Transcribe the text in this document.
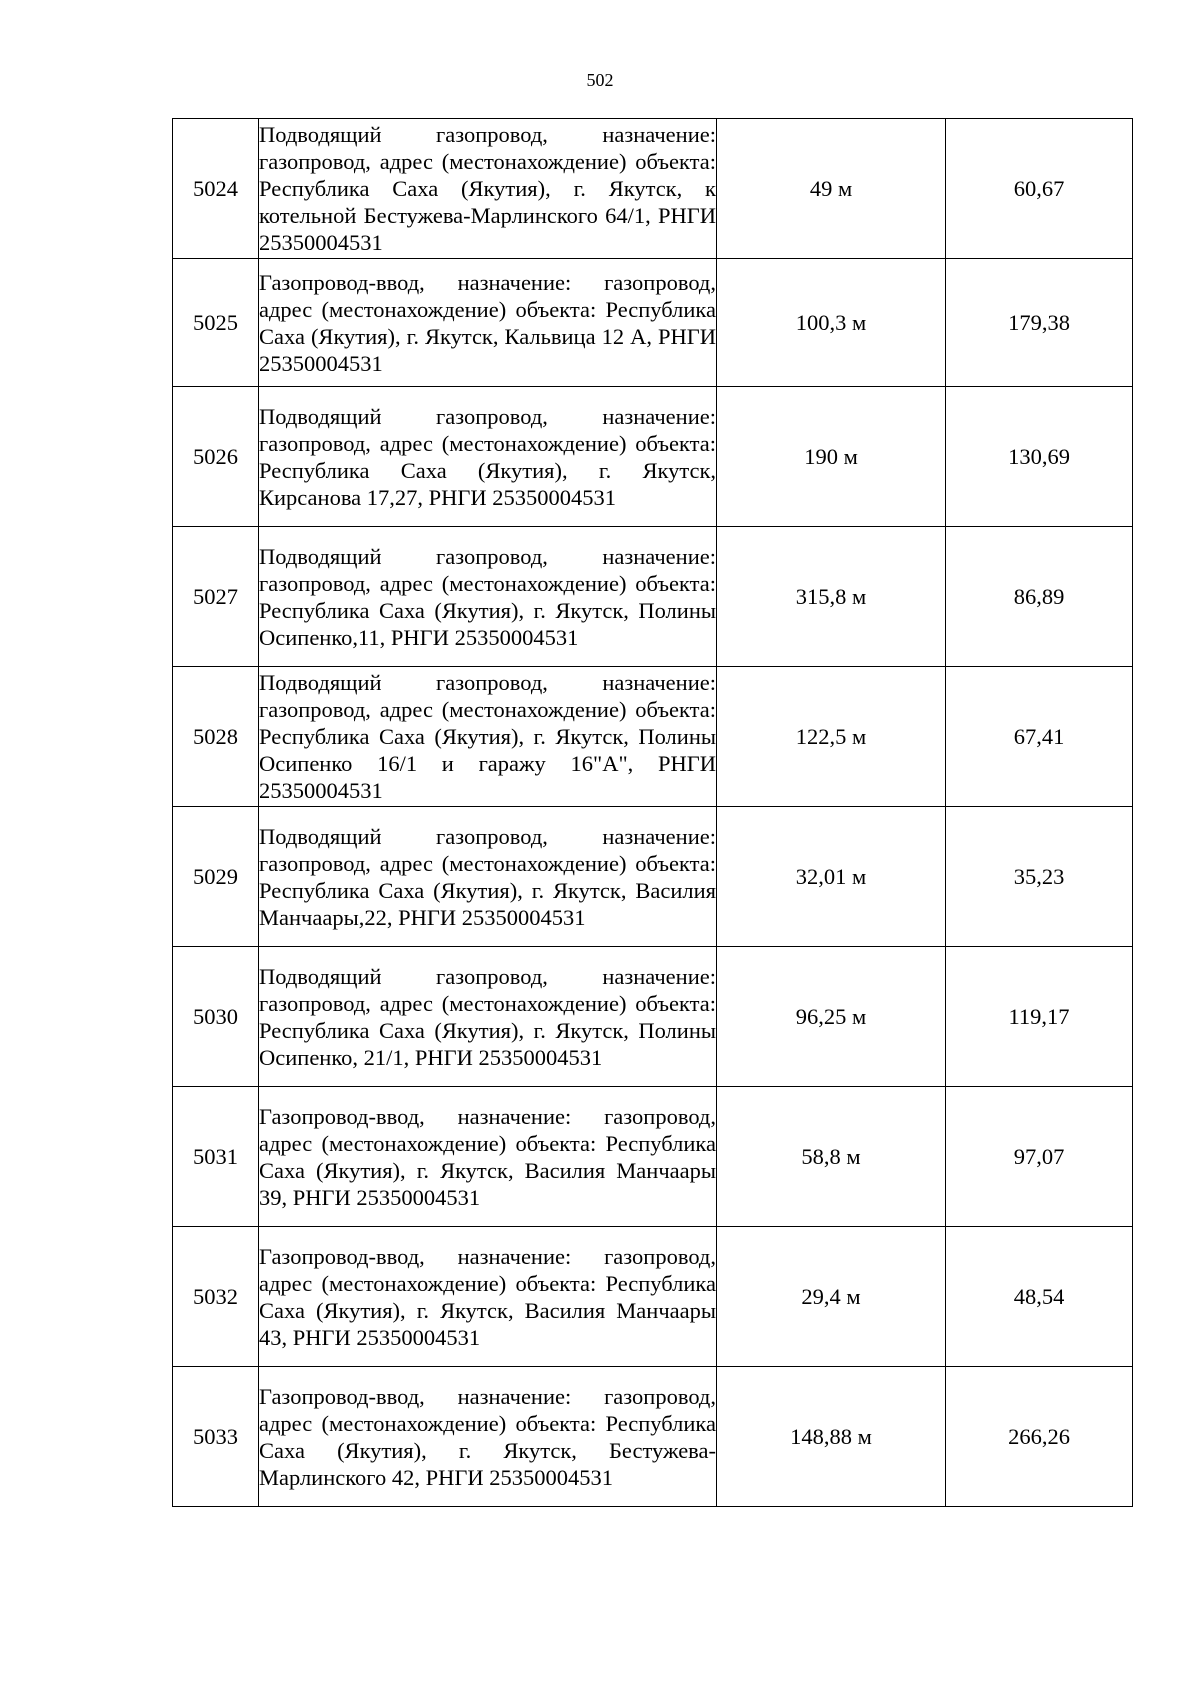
502
5024	Подводящий газопровод, назначение: газопровод, адрес (местонахождение) объекта: Республика Саха (Якутия), г. Якутск, к котельной Бестужева-Марлинского 64/1, РНГИ 25350004531	49 м	60,67
5025	Газопровод-ввод, назначение: газопровод, адрес (местонахождение) объекта: Республика Саха (Якутия), г. Якутск, Кальвица 12 А, РНГИ 25350004531	100,3 м	179,38
5026	Подводящий газопровод, назначение: газопровод, адрес (местонахождение) объекта: Республика Саха (Якутия), г. Якутск, Кирсанова 17,27, РНГИ 25350004531	190 м	130,69
5027	Подводящий газопровод, назначение: газопровод, адрес (местонахождение) объекта: Республика Саха (Якутия), г. Якутск, Полины Осипенко,11, РНГИ 25350004531	315,8 м	86,89
5028	Подводящий газопровод, назначение: газопровод, адрес (местонахождение) объекта: Республика Саха (Якутия), г. Якутск, Полины Осипенко 16/1 и гаражу 16"А", РНГИ 25350004531	122,5 м	67,41
5029	Подводящий газопровод, назначение: газопровод, адрес (местонахождение) объекта: Республика Саха (Якутия), г. Якутск, Василия Манчаары,22, РНГИ 25350004531	32,01 м	35,23
5030	Подводящий газопровод, назначение: газопровод, адрес (местонахождение) объекта: Республика Саха (Якутия), г. Якутск, Полины Осипенко, 21/1, РНГИ 25350004531	96,25 м	119,17
5031	Газопровод-ввод, назначение: газопровод, адрес (местонахождение) объекта: Республика Саха (Якутия), г. Якутск, Василия Манчаары 39, РНГИ 25350004531	58,8 м	97,07
5032	Газопровод-ввод, назначение: газопровод, адрес (местонахождение) объекта: Республика Саха (Якутия), г. Якутск, Василия Манчаары 43, РНГИ 25350004531	29,4 м	48,54
5033	Газопровод-ввод, назначение: газопровод, адрес (местонахождение) объекта: Республика Саха (Якутия), г. Якутск, Бестужева-Марлинского 42, РНГИ 25350004531	148,88 м	266,26
